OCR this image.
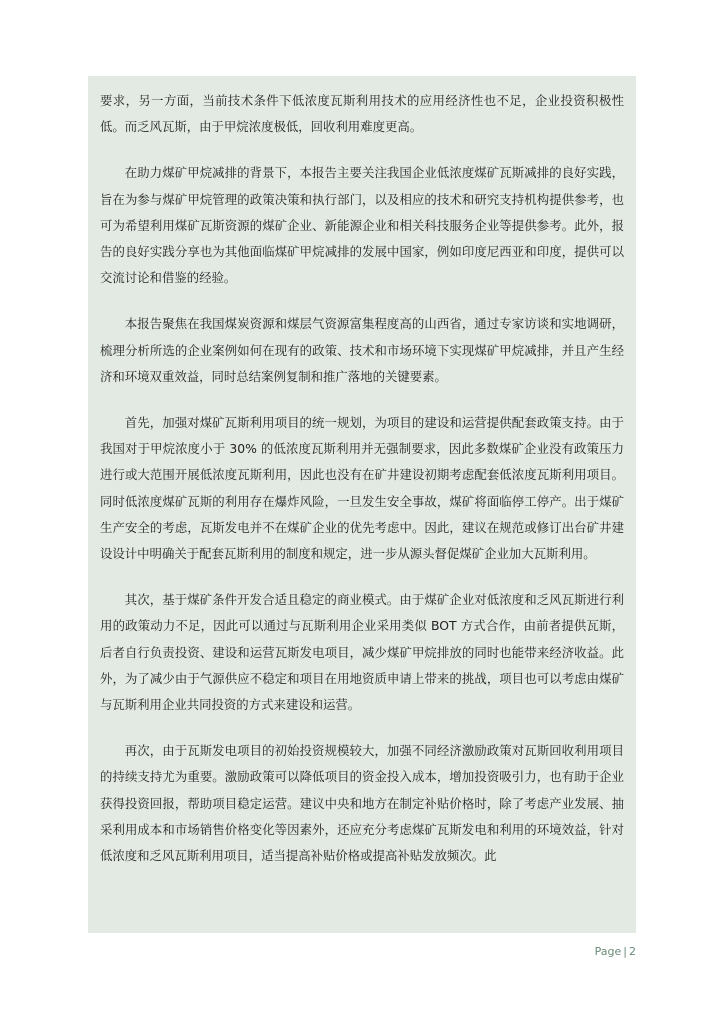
要求，另一方面，当前技术条件下低浓度瓦斯利用技术的应用经济性也不足，企业投资积极性低。而乏风瓦斯，由于甲烷浓度极低，回收利用难度更高。

在助力煤矿甲烷减排的背景下，本报告主要关注我国企业低浓度煤矿瓦斯减排的良好实践，旨在为参与煤矿甲烷管理的政策决策和执行部门，以及相应的技术和研究支持机构提供参考，也可为希望利用煤矿瓦斯资源的煤矿企业、新能源企业和相关科技服务企业等提供参考。此外，报告的良好实践分享也为其他面临煤矿甲烷减排的发展中国家，例如印度尼西亚和印度，提供可以交流讨论和借鉴的经验。

本报告聚焦在我国煤炭资源和煤层气资源富集程度高的山西省，通过专家访谈和实地调研，梳理分析所选的企业案例如何在现有的政策、技术和市场环境下实现煤矿甲烷减排，并且产生经济和环境双重效益，同时总结案例复制和推广落地的关键要素。

首先，加强对煤矿瓦斯利用项目的统一规划，为项目的建设和运营提供配套政策支持。由于我国对于甲烷浓度小于 30% 的低浓度瓦斯利用并无强制要求，因此多数煤矿企业没有政策压力进行或大范围开展低浓度瓦斯利用，因此也没有在矿井建设初期考虑配套低浓度瓦斯利用项目。同时低浓度煤矿瓦斯的利用存在爆炸风险，一旦发生安全事故，煤矿将面临停工停产。出于煤矿生产安全的考虑，瓦斯发电并不在煤矿企业的优先考虑中。因此，建议在规范或修订出台矿井建设设计中明确关于配套瓦斯利用的制度和规定，进一步从源头督促煤矿企业加大瓦斯利用。

其次，基于煤矿条件开发合适且稳定的商业模式。由于煤矿企业对低浓度和乏风瓦斯进行利用的政策动力不足，因此可以通过与瓦斯利用企业采用类似 BOT 方式合作，由前者提供瓦斯，后者自行负责投资、建设和运营瓦斯发电项目，减少煤矿甲烷排放的同时也能带来经济收益。此外，为了减少由于气源供应不稳定和项目在用地资质申请上带来的挑战，项目也可以考虑由煤矿与瓦斯利用企业共同投资的方式来建设和运营。

再次，由于瓦斯发电项目的初始投资规模较大，加强不同经济激励政策对瓦斯回收利用项目的持续支持尤为重要。激励政策可以降低项目的资金投入成本，增加投资吸引力，也有助于企业获得投资回报，帮助项目稳定运营。建议中央和地方在制定补贴价格时，除了考虑产业发展、抽采利用成本和市场销售价格变化等因素外，还应充分考虑煤矿瓦斯发电和利用的环境效益，针对低浓度和乏风瓦斯利用项目，适当提高补贴价格或提高补贴发放频次。此

Page | 2
